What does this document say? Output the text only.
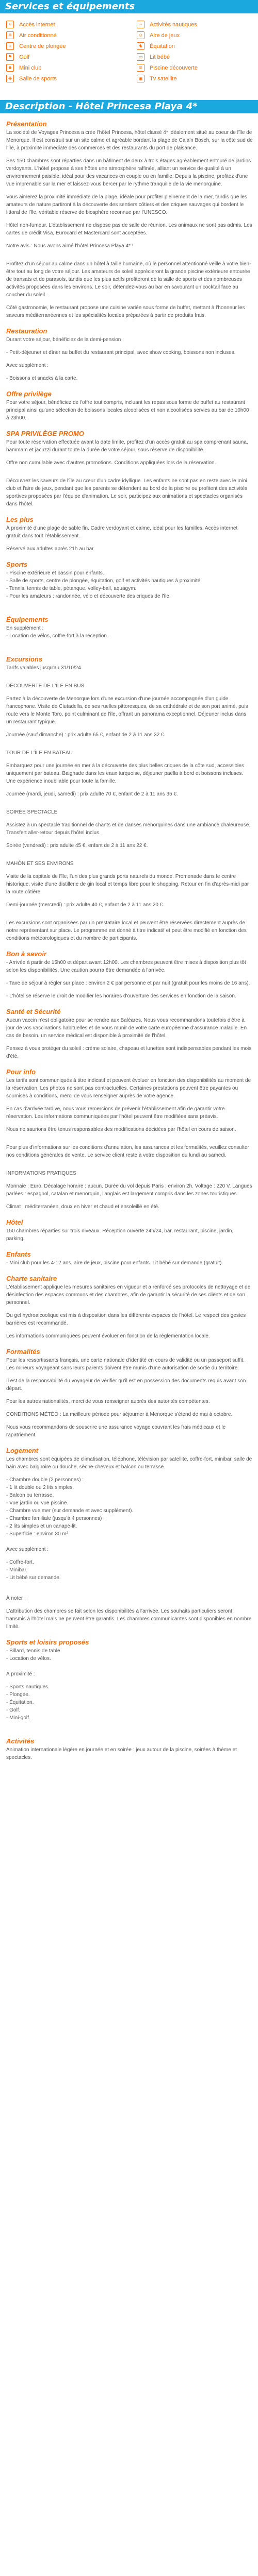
Services et équipements
≈	Accès internet	~	Activités nautiques
❄	Air conditionné	☺ Aire de jeux
○	Centre de plongée	♞	Équitation
⚑	Golf	▭ Lit bébé
☻ Mini club	≋	Piscine découverte
✚	Salle de sports	▣ Tv satellite
Description - Hôtel Princesa Playa 4*
Présentation

La société de Voyages Princesa a crée l'hôtel Princesa, hôtel classé 4* idéalement situé au coeur de l'île de Menorque. Il est construit sur un site calme et agréable bordant la plage de Cala'n Bosch, sur la côte sud de l'île, à proximité immédiate des commerces et des restaurants du port de plaisance.

Ses 150 chambres sont réparties dans un bâtiment de deux à trois étages agréablement entouré de jardins verdoyants. L'hôtel propose à ses hôtes une atmosphère raffinée, alliant un service de qualité à un environnement paisible, idéal pour des vacances en couple ou en famille. Depuis la piscine, profitez d'une vue imprenable sur la mer et laissez-vous bercer par le rythme tranquille de la vie menorquine.

Vous aimerez la proximité immédiate de la plage, idéale pour profiter pleinement de la mer, tandis que les amateurs de nature partiront à la découverte des sentiers côtiers et des criques sauvages qui bordent le littoral de l'île, véritable réserve de biosphère reconnue par l'UNESCO.

Hôtel non-fumeur. L'établissement ne dispose pas de salle de réunion. Les animaux ne sont pas admis. Les cartes de crédit Visa, Eurocard et Mastercard sont acceptées.

Notre avis : Nous avons aimé l'hôtel Princesa Playa 4* !

Profitez d'un séjour au calme dans un hôtel à taille humaine, où le personnel attentionné veille à votre bien-être tout au long de votre séjour. Les amateurs de soleil apprécieront la grande piscine extérieure entourée de transats et de parasols, tandis que les plus actifs profiteront de la salle de sports et des nombreuses activités proposées dans les environs. Le soir, détendez-vous au bar en savourant un cocktail face au coucher du soleil.

Côté gastronomie, le restaurant propose une cuisine variée sous forme de buffet, mettant à l'honneur les saveurs méditerranéennes et les spécialités locales préparées à partir de produits frais.

Restauration

Durant votre séjour, bénéficiez de la demi-pension :

- Petit-déjeuner et dîner au buffet du restaurant principal, avec show cooking, boissons non incluses.

Avec supplément :

- Boissons et snacks à la carte.

Offre privilège

Pour votre séjour, bénéficiez de l'offre tout compris, incluant les repas sous forme de buffet au restaurant principal ainsi qu'une sélection de boissons locales alcoolisées et non alcoolisées servies au bar de 10h00 à 23h00.

SPA PRIVILÈGE PROMO

Pour toute réservation effectuée avant la date limite, profitez d'un accès gratuit au spa comprenant sauna, hammam et jacuzzi durant toute la durée de votre séjour, sous réserve de disponibilité.

Offre non cumulable avec d'autres promotions. Conditions appliquées lors de la réservation.

Découvrez les saveurs de l'île au cœur d'un cadre idyllique. Les enfants ne sont pas en reste avec le mini club et l'aire de jeux, pendant que les parents se détendent au bord de la piscine ou profitent des activités sportives proposées par l'équipe d'animation. Le soir, participez aux animations et spectacles organisés dans l'hôtel.

Les plus

À proximité d'une plage de sable fin. Cadre verdoyant et calme, idéal pour les familles. Accès internet gratuit dans tout l'établissement.

Réservé aux adultes après 21h au bar.

Sports
- Piscine extérieure et bassin pour enfants.
- Salle de sports, centre de plongée, équitation, golf et activités nautiques à proximité.
- Tennis, tennis de table, pétanque, volley-ball, aquagym.
- Pour les amateurs : randonnée, vélo et découverte des criques de l'île.
Équipements
En supplément :
- Location de vélos, coffre-fort à la réception.
Excursions

Tarifs valables jusqu'au 31/10/24.

DÉCOUVERTE DE L'ÎLE EN BUS

Partez à la découverte de Menorque lors d'une excursion d'une journée accompagnée d'un guide francophone. Visite de Ciutadella, de ses ruelles pittoresques, de sa cathédrale et de son port animé, puis route vers le Monte Toro, point culminant de l'île, offrant un panorama exceptionnel. Déjeuner inclus dans un restaurant typique.

Journée (sauf dimanche) : prix adulte 65 €, enfant de 2 à 11 ans 32 €.

TOUR DE L'ÎLE EN BATEAU

Embarquez pour une journée en mer à la découverte des plus belles criques de la côte sud, accessibles uniquement par bateau. Baignade dans les eaux turquoise, déjeuner paëlla à bord et boissons incluses. Une expérience inoubliable pour toute la famille.

Journée (mardi, jeudi, samedi) : prix adulte 70 €, enfant de 2 à 11 ans 35 €.

SOIRÉE SPECTACLE

Assistez à un spectacle traditionnel de chants et de danses menorquines dans une ambiance chaleureuse. Transfert aller-retour depuis l'hôtel inclus.

Soirée (vendredi) : prix adulte 45 €, enfant de 2 à 11 ans 22 €.

MAHÓN ET SES ENVIRONS

Visite de la capitale de l'île, l'un des plus grands ports naturels du monde. Promenade dans le centre historique, visite d'une distillerie de gin local et temps libre pour le shopping. Retour en fin d'après-midi par la route côtière.

Demi-journée (mercredi) : prix adulte 40 €, enfant de 2 à 11 ans 20 €.

Les excursions sont organisées par un prestataire local et peuvent être réservées directement auprès de notre représentant sur place. Le programme est donné à titre indicatif et peut être modifié en fonction des conditions météorologiques et du nombre de participants.

Bon à savoir

- Arrivée à partir de 15h00 et départ avant 12h00. Les chambres peuvent être mises à disposition plus tôt selon les disponibilités. Une caution pourra être demandée à l'arrivée.

- Taxe de séjour à régler sur place : environ 2 € par personne et par nuit (gratuit pour les moins de 16 ans).

- L'hôtel se réserve le droit de modifier les horaires d'ouverture des services en fonction de la saison.

Santé et Sécurité

Aucun vaccin n'est obligatoire pour se rendre aux Baléares. Nous vous recommandons toutefois d'être à jour de vos vaccinations habituelles et de vous munir de votre carte européenne d'assurance maladie. En cas de besoin, un service médical est disponible à proximité de l'hôtel.

Pensez à vous protéger du soleil : crème solaire, chapeau et lunettes sont indispensables pendant les mois d'été.

Pour info

Les tarifs sont communiqués à titre indicatif et peuvent évoluer en fonction des disponibilités au moment de la réservation. Les photos ne sont pas contractuelles. Certaines prestations peuvent être payantes ou soumises à conditions, merci de vous renseigner auprès de votre agence.

En cas d'arrivée tardive, nous vous remercions de prévenir l'établissement afin de garantir votre réservation. Les informations communiquées par l'hôtel peuvent être modifiées sans préavis.

Nous ne saurions être tenus responsables des modifications décidées par l'hôtel en cours de saison.

Pour plus d'informations sur les conditions d'annulation, les assurances et les formalités, veuillez consulter nos conditions générales de vente. Le service client reste à votre disposition du lundi au samedi.

INFORMATIONS PRATIQUES

Monnaie : Euro. Décalage horaire : aucun. Durée du vol depuis Paris : environ 2h. Voltage : 220 V. Langues parlées : espagnol, catalan et menorquin, l'anglais est largement compris dans les zones touristiques.

Climat : méditerranéen, doux en hiver et chaud et ensoleillé en été.

Hôtel

150 chambres réparties sur trois niveaux. Réception ouverte 24h/24, bar, restaurant, piscine, jardin, parking.

Enfants

- Mini club pour les 4-12 ans, aire de jeux, piscine pour enfants. Lit bébé sur demande (gratuit).

Charte sanitaire

L'établissement applique les mesures sanitaires en vigueur et a renforcé ses protocoles de nettoyage et de désinfection des espaces communs et des chambres, afin de garantir la sécurité de ses clients et de son personnel.

Du gel hydroalcoolique est mis à disposition dans les différents espaces de l'hôtel. Le respect des gestes barrières est recommandé.

Les informations communiquées peuvent évoluer en fonction de la réglementation locale.

Formalités

Pour les ressortissants français, une carte nationale d'identité en cours de validité ou un passeport suffit. Les mineurs voyageant sans leurs parents doivent être munis d'une autorisation de sortie du territoire.

Il est de la responsabilité du voyageur de vérifier qu'il est en possession des documents requis avant son départ.

Pour les autres nationalités, merci de vous renseigner auprès des autorités compétentes.

CONDITIONS MÉTÉO : La meilleure période pour séjourner à Menorque s'étend de mai à octobre.

Nous vous recommandons de souscrire une assurance voyage couvrant les frais médicaux et le rapatriement.

Logement

Les chambres sont équipées de climatisation, téléphone, télévision par satellite, coffre-fort, minibar, salle de bain avec baignoire ou douche, sèche-cheveux et balcon ou terrasse.

- Chambre double (2 personnes) :
- 1 lit double ou 2 lits simples.
- Balcon ou terrasse.
- Vue jardin ou vue piscine.
- Chambre vue mer (sur demande et avec supplément).
- Chambre familiale (jusqu'à 4 personnes) :
- 2 lits simples et un canapé-lit.
- Superficie : environ 30 m².

Avec supplément :

- Coffre-fort.
- Minibar.
- Lit bébé sur demande.

À noter :

L'attribution des chambres se fait selon les disponibilités à l'arrivée. Les souhaits particuliers seront transmis à l'hôtel mais ne peuvent être garantis. Les chambres communicantes sont disponibles en nombre limité.

Sports et loisirs proposés
- Billard, tennis de table.
- Location de vélos.

À proximité :

- Sports nautiques.
- Plongée.
- Équitation.
- Golf.
- Mini-golf.
Activités

Animation internationale légère en journée et en soirée : jeux autour de la piscine, soirées à thème et spectacles.
